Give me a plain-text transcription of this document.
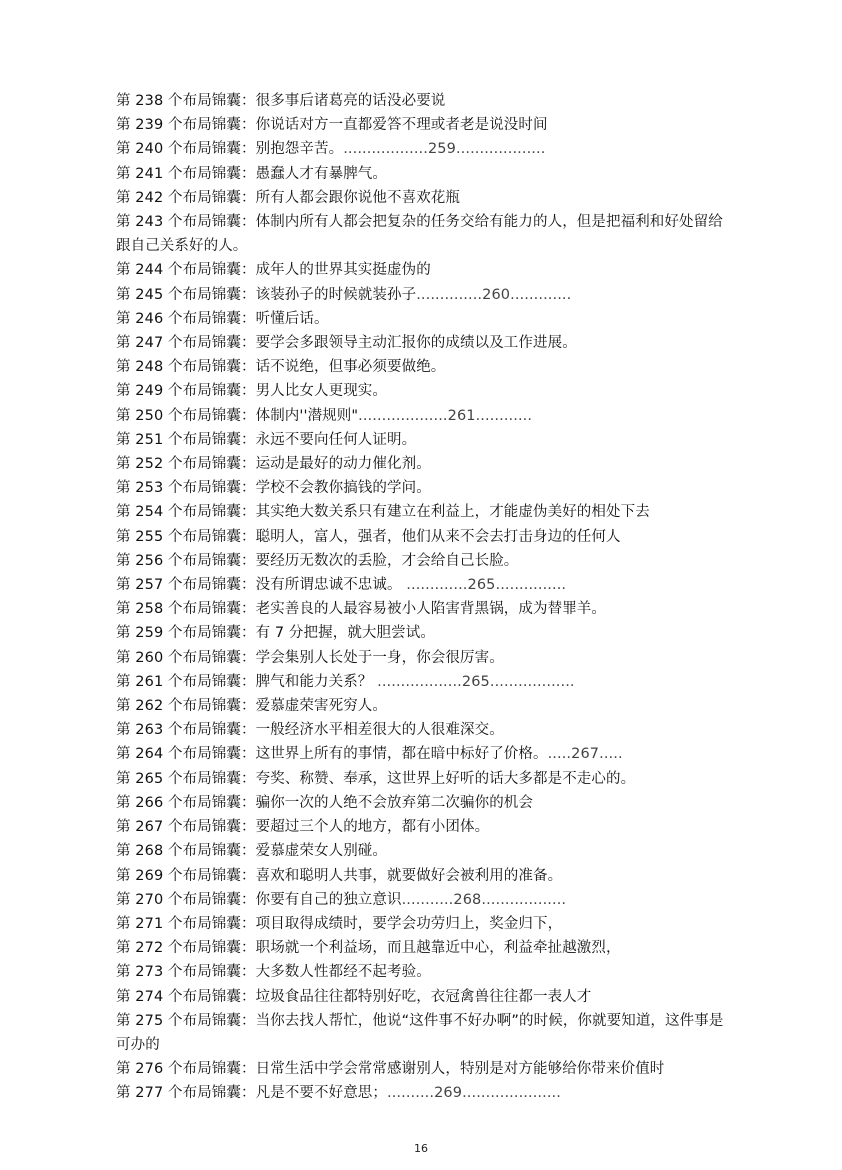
第 238 个布局锦囊：很多事后诸葛亮的话没必要说
第 239 个布局锦囊：你说话对方一直都爱答不理或者老是说没时间
第 240 个布局锦囊：别抱怨辛苦。..................259...................
第 241 个布局锦囊：愚蠢人才有暴脾气。
第 242 个布局锦囊：所有人都会跟你说他不喜欢花瓶
第 243 个布局锦囊：体制内所有人都会把复杂的任务交给有能力的人，但是把福利和好处留给跟自己关系好的人。
第 244 个布局锦囊：成年人的世界其实挺虚伪的
第 245 个布局锦囊：该装孙子的时候就装孙子..............260.............
第 246 个布局锦囊：听懂后话。
第 247 个布局锦囊：要学会多跟领导主动汇报你的成绩以及工作进展。
第 248 个布局锦囊：话不说绝，但事必须要做绝。
第 249 个布局锦囊：男人比女人更现实。
第 250 个布局锦囊：体制内''潜规则"...................261............
第 251 个布局锦囊：永远不要向任何人证明。
第 252 个布局锦囊：运动是最好的动力催化剂。
第 253 个布局锦囊：学校不会教你搞钱的学问。
第 254 个布局锦囊：其实绝大数关系只有建立在利益上，才能虚伪美好的相处下去
第 255 个布局锦囊：聪明人，富人，强者，他们从来不会去打击身边的任何人
第 256 个布局锦囊：要经历无数次的丢脸，才会给自己长脸。
第 257 个布局锦囊：没有所谓忠诚不忠诚。 .............265...............
第 258 个布局锦囊：老实善良的人最容易被小人陷害背黑锅，成为替罪羊。
第 259 个布局锦囊：有 7 分把握，就大胆尝试。
第 260 个布局锦囊：学会集别人长处于一身，你会很厉害。
第 261 个布局锦囊：脾气和能力关系？ ..................265..................
第 262 个布局锦囊：爱慕虚荣害死穷人。
第 263 个布局锦囊：一般经济水平相差很大的人很难深交。
第 264 个布局锦囊：这世界上所有的事情，都在暗中标好了价格。.....267.....
第 265 个布局锦囊：夸奖、称赞、奉承，这世界上好听的话大多都是不走心的。
第 266 个布局锦囊：骗你一次的人绝不会放弃第二次骗你的机会
第 267 个布局锦囊：要超过三个人的地方，都有小团体。
第 268 个布局锦囊：爱慕虚荣女人别碰。
第 269 个布局锦囊：喜欢和聪明人共事，就要做好会被利用的准备。
第 270 个布局锦囊：你要有自己的独立意识...........268..................
第 271 个布局锦囊：项目取得成绩时，要学会功劳归上，奖金归下，
第 272 个布局锦囊：职场就一个利益场，而且越靠近中心，利益牵扯越激烈，
第 273 个布局锦囊：大多数人性都经不起考验。
第 274 个布局锦囊：垃圾食品往往都特别好吃，衣冠禽兽往往都一表人才
第 275 个布局锦囊：当你去找人帮忙，他说“这件事不好办啊”的时候，你就要知道，这件事是可办的
第 276 个布局锦囊：日常生活中学会常常感谢别人，特别是对方能够给你带来价值时
第 277 个布局锦囊：凡是不要不好意思；..........269.....................
16
